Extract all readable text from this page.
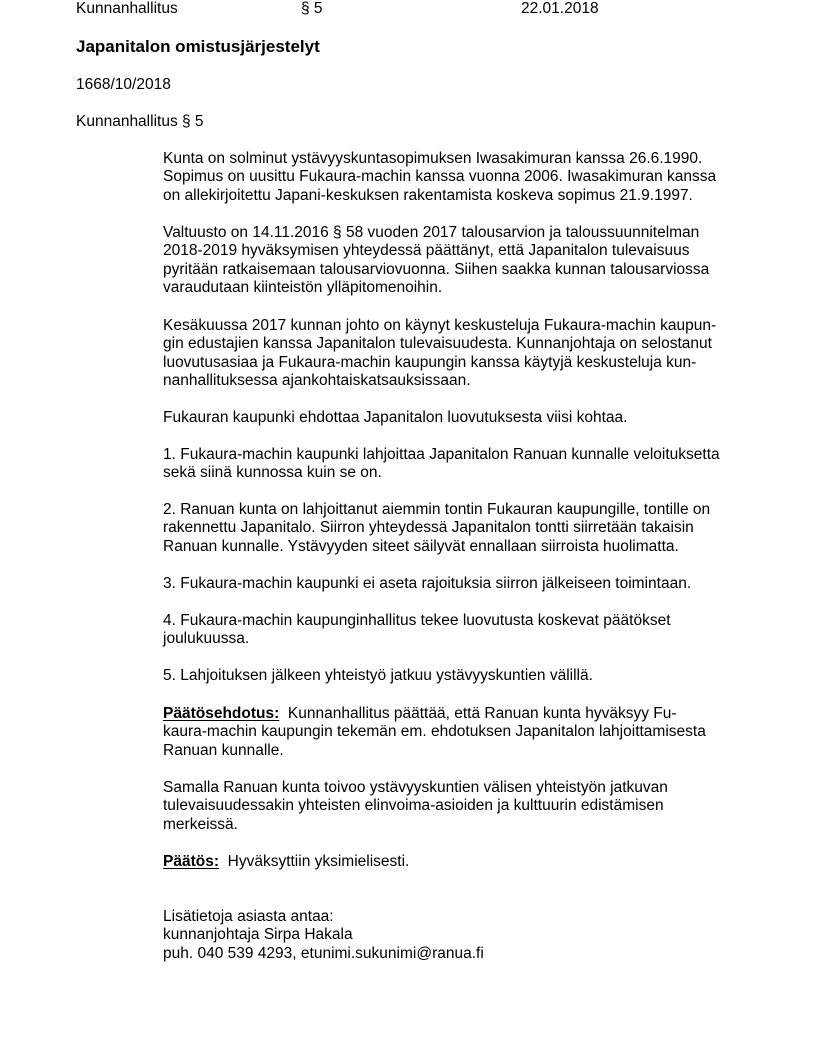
Kunnanhallitus	§ 5	22.01.2018
Japanitalon omistusjärjestelyt
1668/10/2018
Kunnanhallitus § 5
Kunta on solminut ystävyyskuntasopimuksen Iwasakimuran kanssa 26.6.1990.
Sopimus on uusittu Fukaura-machin kanssa vuonna 2006. Iwasakimuran kanssa
on allekirjoitettu Japani-keskuksen rakentamista koskeva sopimus 21.9.1997.
Valtuusto on 14.11.2016 § 58 vuoden 2017 talousarvion ja taloussuunnitelman
2018-2019 hyväksymisen yhteydessä päättänyt, että Japanitalon tulevaisuus
pyritään ratkaisemaan talousarviovuonna. Siihen saakka kunnan talousarviossa
varaudutaan kiinteistön ylläpitomenoihin.
Kesäkuussa 2017 kunnan johto on käynyt keskusteluja Fukaura-machin kaupun-
gin edustajien kanssa Japanitalon tulevaisuudesta. Kunnanjohtaja on selostanut
luovutusasiaa ja Fukaura-machin kaupungin kanssa käytyjä keskusteluja kun-
nanhallituksessa ajankohtaiskatsauksissaan.
Fukauran kaupunki ehdottaa Japanitalon luovutuksesta viisi kohtaa.
1. Fukaura-machin kaupunki lahjoittaa Japanitalon Ranuan kunnalle veloituksetta
sekä siinä kunnossa kuin se on.
2. Ranuan kunta on lahjoittanut aiemmin tontin Fukauran kaupungille, tontille on
rakennettu Japanitalo. Siirron yhteydessä Japanitalon tontti siirretään takaisin
Ranuan kunnalle. Ystävyyden siteet säilyvät ennallaan siirroista huolimatta.
3. Fukaura-machin kaupunki ei aseta rajoituksia siirron jälkeiseen toimintaan.
4. Fukaura-machin kaupunginhallitus tekee luovutusta koskevat päätökset
joulukuussa.
5. Lahjoituksen jälkeen yhteistyö jatkuu ystävyyskuntien välillä.
Päätösehdotus: Kunnanhallitus päättää, että Ranuan kunta hyväksyy Fu-
kaura-machin kaupungin tekemän em. ehdotuksen Japanitalon lahjoittamisesta
Ranuan kunnalle.
Samalla Ranuan kunta toivoo ystävyyskuntien välisen yhteistyön jatkuvan
tulevaisuudessakin yhteisten elinvoima-asioiden ja kulttuurin edistämisen
merkeissä.
Päätös: Hyväksyttiin yksimielisesti.
Lisätietoja asiasta antaa:
kunnanjohtaja Sirpa Hakala
puh. 040 539 4293, etunimi.sukunimi@ranua.fi
